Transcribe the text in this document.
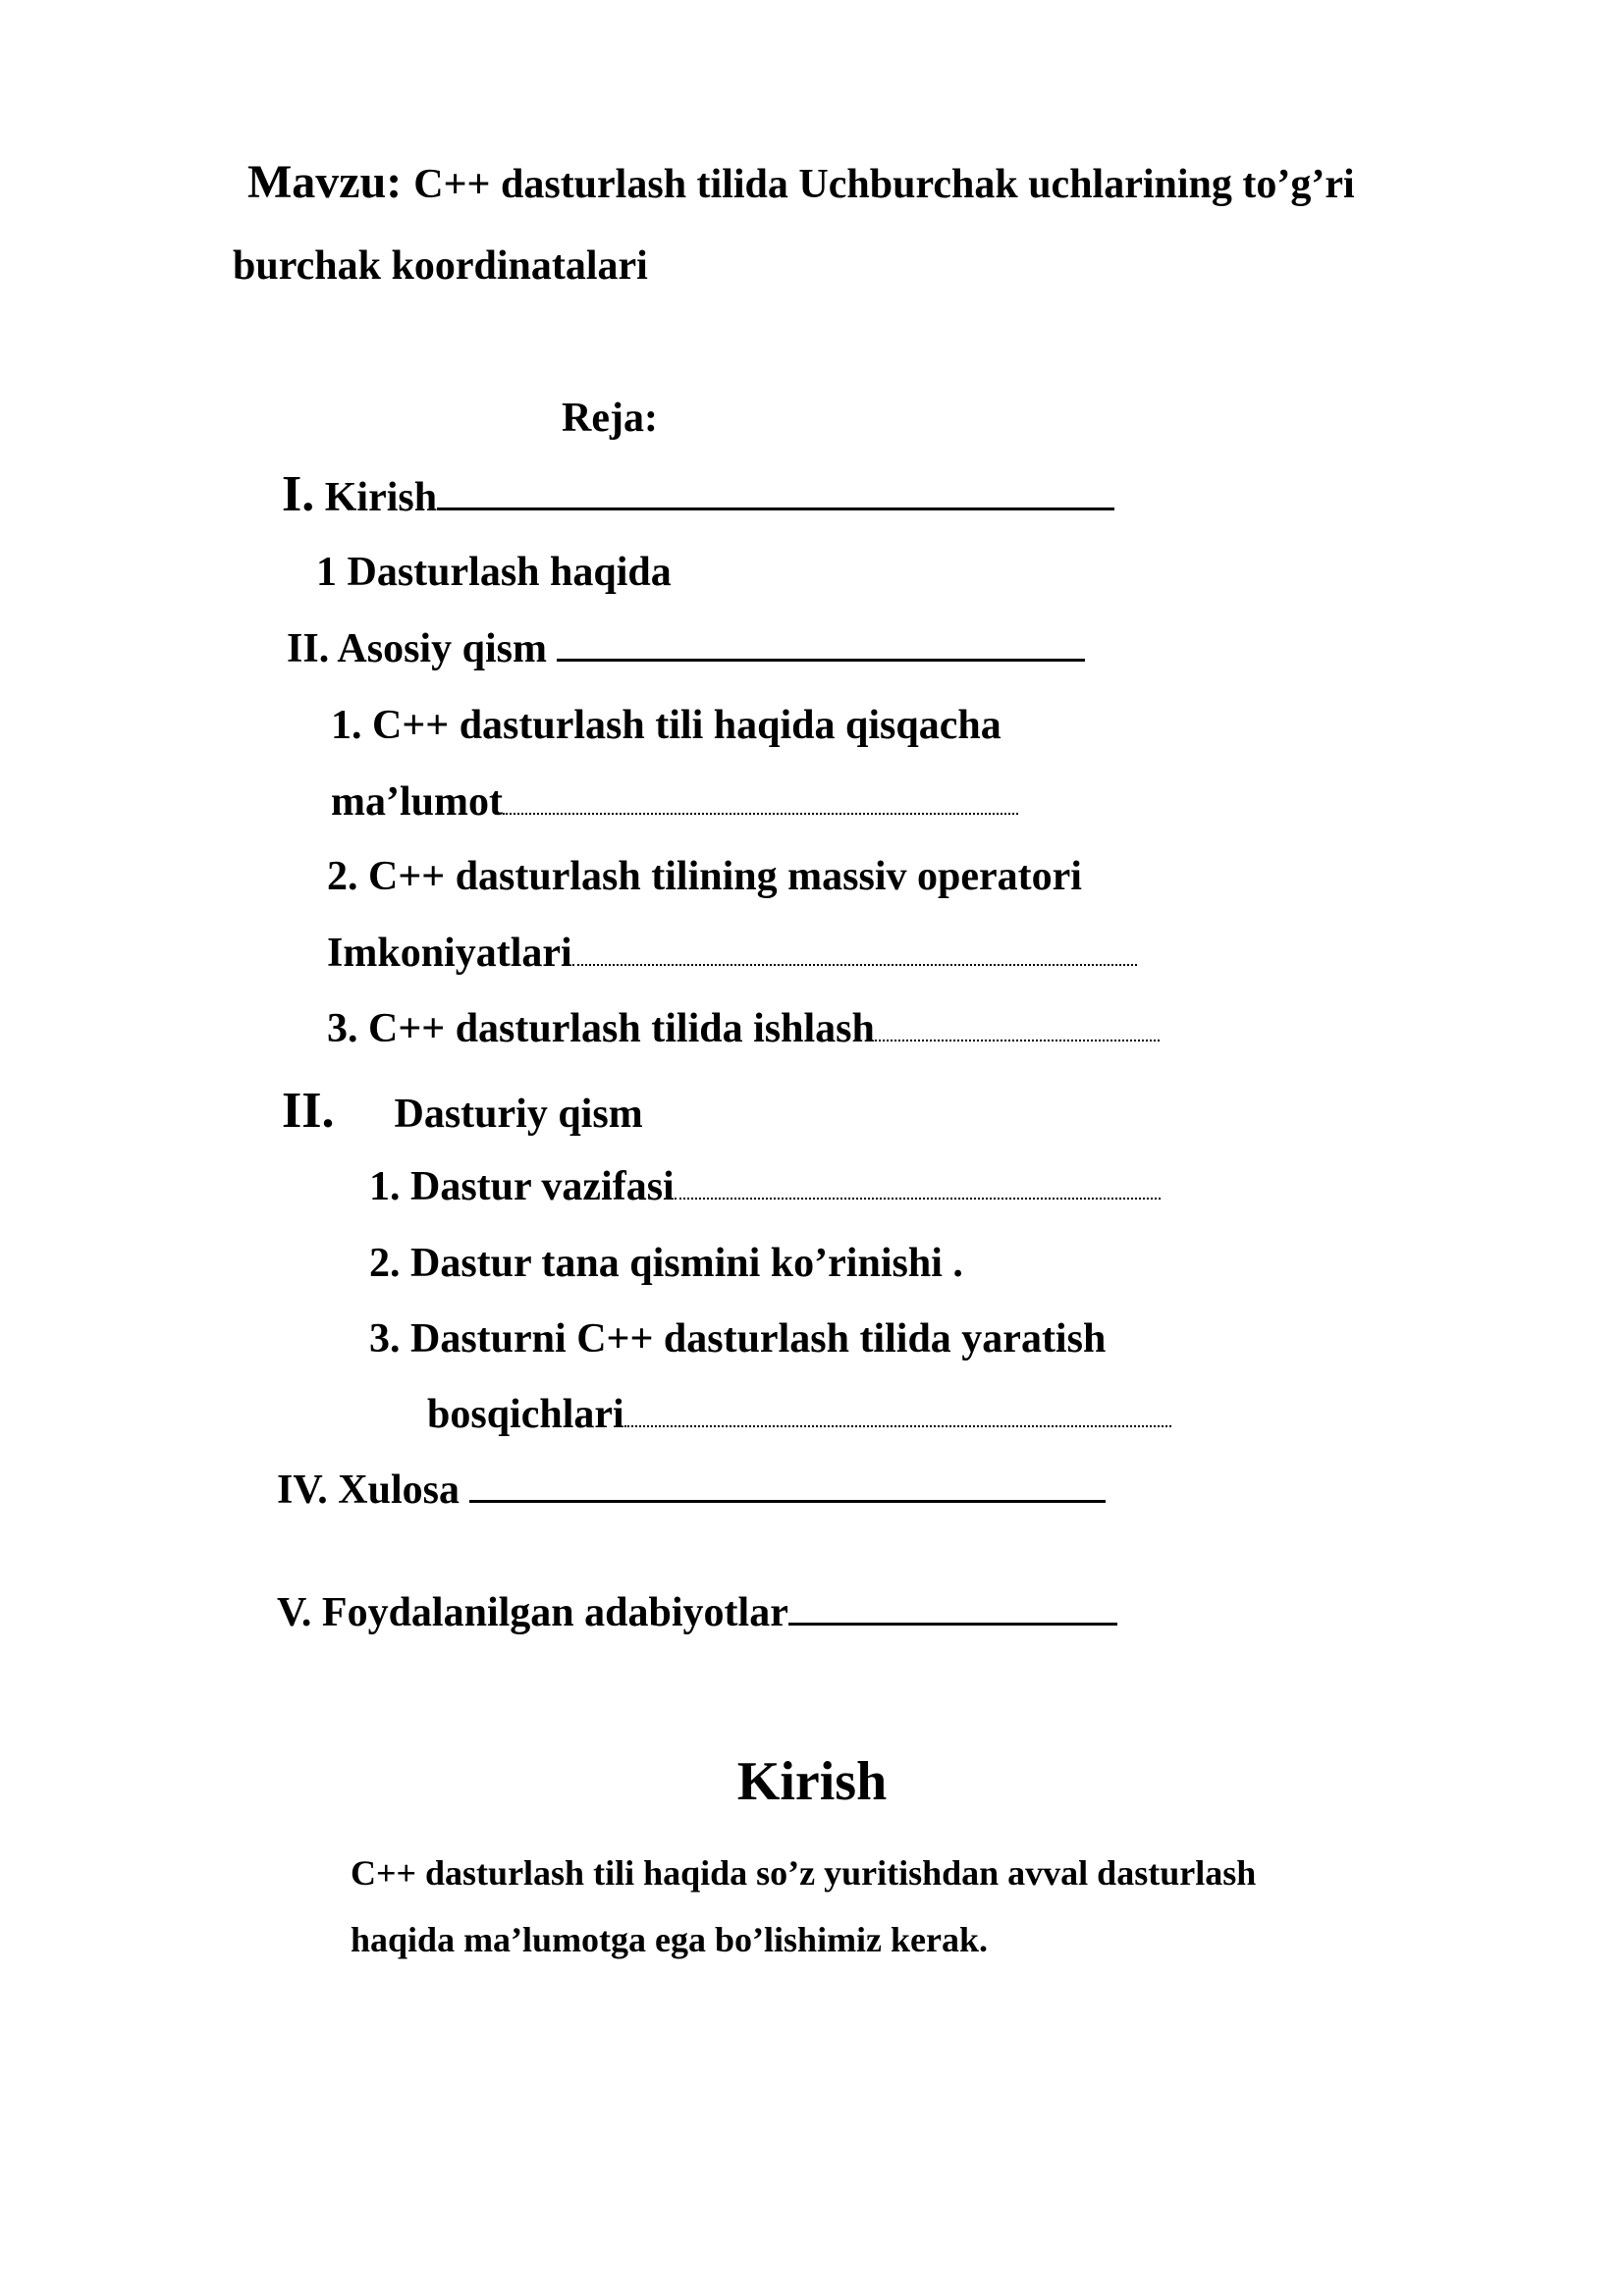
Mavzu: C++ dasturlash tilida Uchburchak uchlarining to’g’ri
burchak koordinatalari
Reja:
I. Kirish
1 Dasturlash haqida
II. Asosiy qism
1. C++ dasturlash tili haqida qisqacha
ma’lumot
2. C++ dasturlash tilining massiv operatori
Imkoniyatlari
3. C++ dasturlash tilida ishlash
II. Dasturiy qism
1. Dastur vazifasi
2. Dastur tana qismini ko’rinishi .
3. Dasturni C++ dasturlash tilida yaratish
bosqichlari
IV. Xulosa
V. Foydalanilgan adabiyotlar
Kirish
C++ dasturlash tili haqida so’z yuritishdan avval dasturlash
haqida ma’lumotga ega bo’lishimiz kerak.
